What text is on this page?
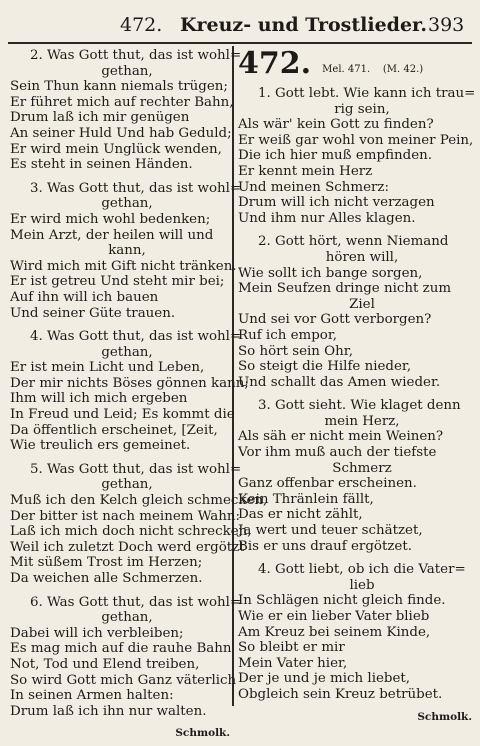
472. Kreuz- und Trostlieder. 393
2. Was Gott thut, das ist wohl=
gethan,
Sein Thun kann niemals trügen;
Er führet mich auf rechter Bahn,
Drum laß ich mir genügen
An seiner Huld Und hab Geduld;
Er wird mein Unglück wenden,
Es steht in seinen Händen.
3. Was Gott thut, das ist wohl=
gethan,
Er wird mich wohl bedenken;
Mein Arzt, der heilen will und
kann,
Wird mich mit Gift nicht tränken.
Er ist getreu Und steht mir bei;
Auf ihn will ich bauen
Und seiner Güte trauen.
4. Was Gott thut, das ist wohl=
gethan,
Er ist mein Licht und Leben,
Der mir nichts Böses gönnen kann;
Ihm will ich mich ergeben
In Freud und Leid; Es kommt die
Da öffentlich erscheinet, [Zeit,
Wie treulich ers gemeinet.
5. Was Gott thut, das ist wohl=
gethan,
Muß ich den Kelch gleich schmecken,
Der bitter ist nach meinem Wahn:
Laß ich mich doch nicht schrecken,
Weil ich zuletzt Doch werd ergötzt
Mit süßem Trost im Herzen;
Da weichen alle Schmerzen.
6. Was Gott thut, das ist wohl=
gethan,
Dabei will ich verbleiben;
Es mag mich auf die rauhe Bahn
Not, Tod und Elend treiben,
So wird Gott mich Ganz väterlich
In seinen Armen halten:
Drum laß ich ihn nur walten.
Schmolk.
472. Mel. 471. (M. 42.)
1. Gott lebt. Wie kann ich trau=
rig sein,
Als wär' kein Gott zu finden?
Er weiß gar wohl von meiner Pein,
Die ich hier muß empfinden.
Er kennt mein Herz
Und meinen Schmerz:
Drum will ich nicht verzagen
Und ihm nur Alles klagen.
2. Gott hört, wenn Niemand
hören will,
Wie sollt ich bange sorgen,
Mein Seufzen dringe nicht zum
Ziel
Und sei vor Gott verborgen?
Ruf ich empor,
So hört sein Ohr,
So steigt die Hilfe nieder,
Und schallt das Amen wieder.
3. Gott sieht. Wie klaget denn
mein Herz,
Als säh er nicht mein Weinen?
Vor ihm muß auch der tiefste
Schmerz
Ganz offenbar erscheinen.
Kein Thränlein fällt,
Das er nicht zählt,
Ja wert und teuer schätzet,
Bis er uns drauf ergötzet.
4. Gott liebt, ob ich die Vater=
lieb
In Schlägen nicht gleich finde.
Wie er ein lieber Vater blieb
Am Kreuz bei seinem Kinde,
So bleibt er mir
Mein Vater hier,
Der je und je mich liebet,
Obgleich sein Kreuz betrübet.
Schmolk.
